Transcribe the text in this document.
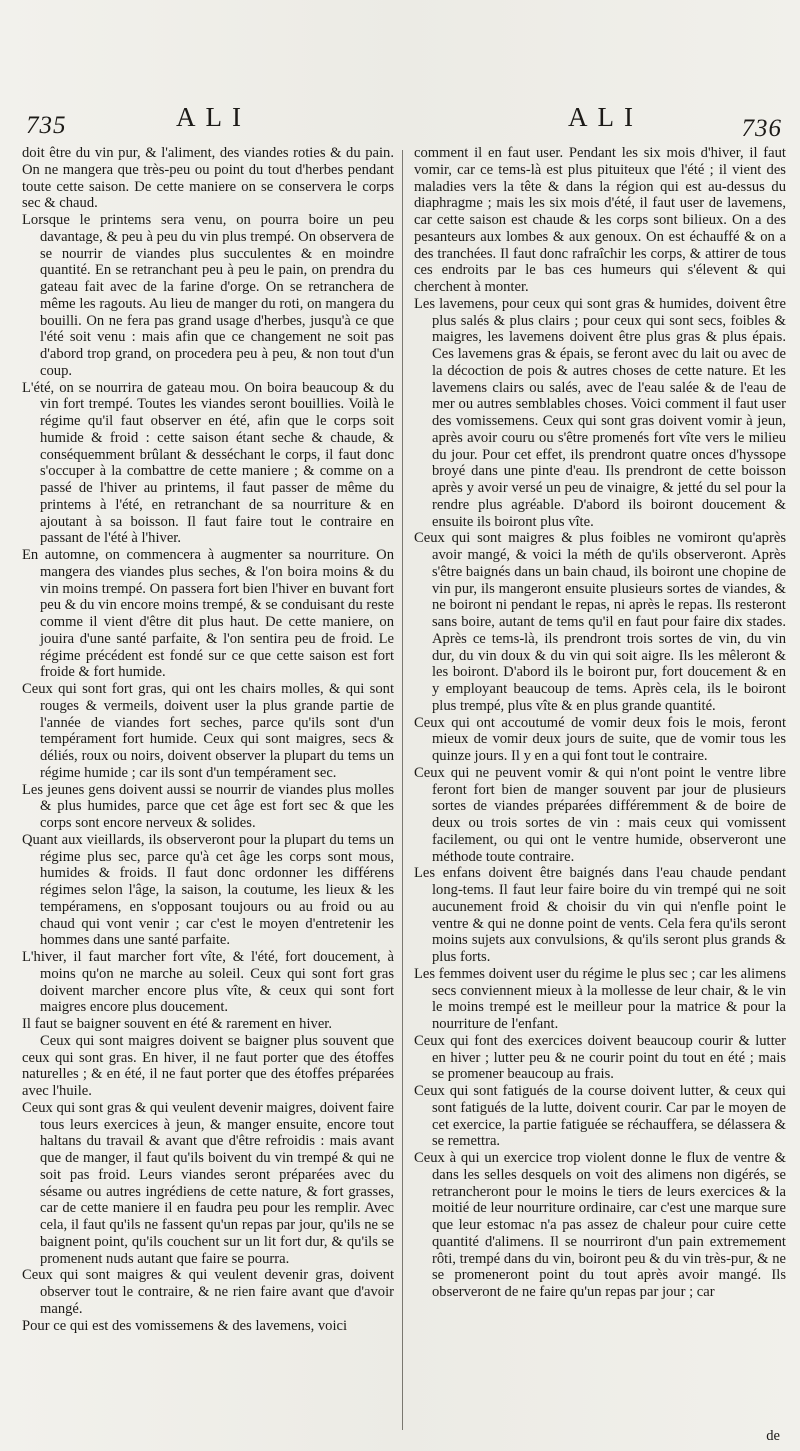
735	ALI	ALI	736

doit être du vin pur, & l'aliment, des viandes roties & du pain. On ne mangera que très-peu ou point du tout d'herbes pendant toute cette saison. De cette maniere on se conservera le corps sec & chaud.

Lorsque le printems sera venu, on pourra boire un peu davantage, & peu à peu du vin plus trempé. On observera de se nourrir de viandes plus succulentes & en moindre quantité. En se retranchant peu à peu le pain, on prendra du gateau fait avec de la farine d'orge. On se retranchera de même les ragouts. Au lieu de manger du roti, on mangera du bouilli. On ne fera pas grand usage d'herbes, jusqu'à ce que l'été soit venu : mais afin que ce changement ne soit pas d'abord trop grand, on procedera peu à peu, & non tout d'un coup.

L'été, on se nourrira de gateau mou. On boira beaucoup & du vin fort trempé. Toutes les viandes seront bouillies. Voilà le régime qu'il faut observer en été, afin que le corps soit humide & froid : cette saison étant seche & chaude, & conséquemment brûlant & desséchant le corps, il faut donc s'occuper à la combattre de cette maniere ; & comme on a passé de l'hiver au printems, il faut passer de même du printems à l'été, en retranchant de sa nourriture & en ajoutant à sa boisson. Il faut faire tout le contraire en passant de l'été à l'hiver.

En automne, on commencera à augmenter sa nourriture. On mangera des viandes plus seches, & l'on boira moins & du vin moins trempé. On passera fort bien l'hiver en buvant fort peu & du vin encore moins trempé, & se conduisant du reste comme il vient d'être dit plus haut. De cette maniere, on jouira d'une santé parfaite, & l'on sentira peu de froid. Le régime précédent est fondé sur ce que cette saison est fort froide & fort humide.

Ceux qui sont fort gras, qui ont les chairs molles, & qui sont rouges & vermeils, doivent user la plus grande partie de l'année de viandes fort seches, parce qu'ils sont d'un tempérament fort humide. Ceux qui sont maigres, secs & déliés, roux ou noirs, doivent observer la plupart du tems un régime humide ; car ils sont d'un tempérament sec.

Les jeunes gens doivent aussi se nourrir de viandes plus molles & plus humides, parce que cet âge est fort sec & que les corps sont encore nerveux & solides.

Quant aux vieillards, ils observeront pour la plupart du tems un régime plus sec, parce qu'à cet âge les corps sont mous, humides & froids. Il faut donc ordonner les différens régimes selon l'âge, la saison, la coutume, les lieux & les tempéramens, en s'opposant toujours ou au froid ou au chaud qui vont venir ; car c'est le moyen d'entretenir les hommes dans une santé parfaite.

L'hiver, il faut marcher fort vîte, & l'été, fort doucement, à moins qu'on ne marche au soleil. Ceux qui sont fort gras doivent marcher encore plus vîte, & ceux qui sont fort maigres encore plus doucement.

Il faut se baigner souvent en été & rarement en hiver.

Ceux qui sont maigres doivent se baigner plus souvent que ceux qui sont gras. En hiver, il ne faut porter que des étoffes naturelles ; & en été, il ne faut porter que des étoffes préparées avec l'huile.

Ceux qui sont gras & qui veulent devenir maigres, doivent faire tous leurs exercices à jeun, & manger ensuite, encore tout haltans du travail & avant que d'être refroidis : mais avant que de manger, il faut qu'ils boivent du vin trempé & qui ne soit pas froid. Leurs viandes seront préparées avec du sésame ou autres ingrédiens de cette nature, & fort grasses, car de cette maniere il en faudra peu pour les remplir. Avec cela, il faut qu'ils ne fassent qu'un repas par jour, qu'ils ne se baignent point, qu'ils couchent sur un lit fort dur, & qu'ils se promenent nuds autant que faire se pourra.

Ceux qui sont maigres & qui veulent devenir gras, doivent observer tout le contraire, & ne rien faire avant que d'avoir mangé.

Pour ce qui est des vomissemens & des lavemens, voici

comment il en faut user. Pendant les six mois d'hiver, il faut vomir, car ce tems-là est plus pituiteux que l'été ; il vient des maladies vers la tête & dans la région qui est au-dessus du diaphragme ; mais les six mois d'été, il faut user de lavemens, car cette saison est chaude & les corps sont bilieux. On a des pesanteurs aux lombes & aux genoux. On est échauffé & on a des tranchées. Il faut donc rafraîchir les corps, & attirer de tous ces endroits par le bas ces humeurs qui s'élevent & qui cherchent à monter.

Les lavemens, pour ceux qui sont gras & humides, doivent être plus salés & plus clairs ; pour ceux qui sont secs, foibles & maigres, les lavemens doivent être plus gras & plus épais. Ces lavemens gras & épais, se feront avec du lait ou avec de la décoction de pois & autres choses de cette nature. Et les lavemens clairs ou salés, avec de l'eau salée & de l'eau de mer ou autres semblables choses. Voici comment il faut user des vomissemens. Ceux qui sont gras doivent vomir à jeun, après avoir couru ou s'être promenés fort vîte vers le milieu du jour. Pour cet effet, ils prendront quatre onces d'hyssope broyé dans une pinte d'eau. Ils prendront de cette boisson après y avoir versé un peu de vinaigre, & jetté du sel pour la rendre plus agréable. D'abord ils boiront doucement & ensuite ils boiront plus vîte.

Ceux qui sont maigres & plus foibles ne vomiront qu'après avoir mangé, & voici la méth de qu'ils observeront. Après s'être baignés dans un bain chaud, ils boiront une chopine de vin pur, ils mangeront ensuite plusieurs sortes de viandes, & ne boiront ni pendant le repas, ni après le repas. Ils resteront sans boire, autant de tems qu'il en faut pour faire dix stades. Après ce tems-là, ils prendront trois sortes de vin, du vin dur, du vin doux & du vin qui soit aigre. Ils les mêleront & les boiront. D'abord ils le boiront pur, fort doucement & en y employant beaucoup de tems. Après cela, ils le boiront plus trempé, plus vîte & en plus grande quantité.

Ceux qui ont accoutumé de vomir deux fois le mois, feront mieux de vomir deux jours de suite, que de vomir tous les quinze jours. Il y en a qui font tout le contraire.

Ceux qui ne peuvent vomir & qui n'ont point le ventre libre feront fort bien de manger souvent par jour de plusieurs sortes de viandes préparées différemment & de boire de deux ou trois sortes de vin : mais ceux qui vomissent facilement, ou qui ont le ventre humide, observeront une méthode toute contraire.

Les enfans doivent être baignés dans l'eau chaude pendant long-tems. Il faut leur faire boire du vin trempé qui ne soit aucunement froid & choisir du vin qui n'enfle point le ventre & qui ne donne point de vents. Cela fera qu'ils seront moins sujets aux convulsions, & qu'ils seront plus grands & plus forts.

Les femmes doivent user du régime le plus sec ; car les alimens secs conviennent mieux à la mollesse de leur chair, & le vin le moins trempé est le meilleur pour la matrice & pour la nourriture de l'enfant.

Ceux qui font des exercices doivent beaucoup courir & lutter en hiver ; lutter peu & ne courir point du tout en été ; mais se promener beaucoup au frais.

Ceux qui sont fatigués de la course doivent lutter, & ceux qui sont fatigués de la lutte, doivent courir. Car par le moyen de cet exercice, la partie fatiguée se réchauffera, se délassera & se remettra.

Ceux à qui un exercice trop violent donne le flux de ventre & dans les selles desquels on voit des alimens non digérés, se retrancheront pour le moins le tiers de leurs exercices & la moitié de leur nourriture ordinaire, car c'est une marque sure que leur estomac n'a pas assez de chaleur pour cuire cette quantité d'alimens. Il se nourriront d'un pain extremement rôti, trempé dans du vin, boiront peu & du vin très-pur, & ne se promeneront point du tout après avoir mangé. Ils observeront de ne faire qu'un repas par jour ; car

de
